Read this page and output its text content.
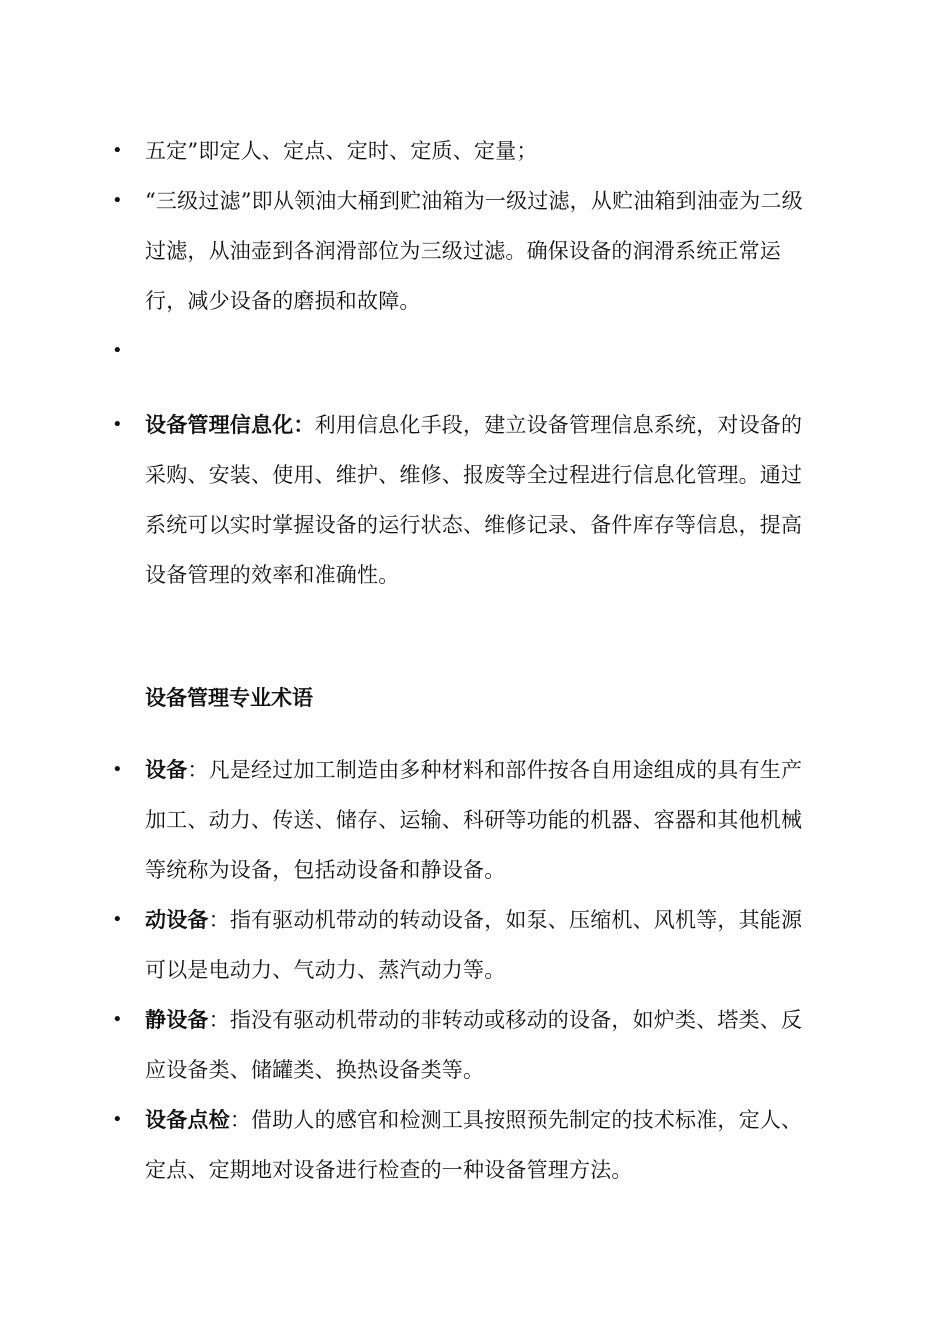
• 五定”即定人、定点、定时、定质、定量；
• “三级过滤”即从领油大桶到贮油箱为一级过滤，从贮油箱到油壶为二级过滤，从油壶到各润滑部位为三级过滤。确保设备的润滑系统正常运行，减少设备的磨损和故障。
•
• 设备管理信息化：利用信息化手段，建立设备管理信息系统，对设备的采购、安装、使用、维护、维修、报废等全过程进行信息化管理。通过系统可以实时掌握设备的运行状态、维修记录、备件库存等信息，提高设备管理的效率和准确性。
设备管理专业术语
• 设备：凡是经过加工制造由多种材料和部件按各自用途组成的具有生产加工、动力、传送、储存、运输、科研等功能的机器、容器和其他机械等统称为设备，包括动设备和静设备。
• 动设备：指有驱动机带动的转动设备，如泵、压缩机、风机等，其能源可以是电动力、气动力、蒸汽动力等。
• 静设备：指没有驱动机带动的非转动或移动的设备，如炉类、塔类、反应设备类、储罐类、换热设备类等。
• 设备点检：借助人的感官和检测工具按照预先制定的技术标准，定人、定点、定期地对设备进行检查的一种设备管理方法。
